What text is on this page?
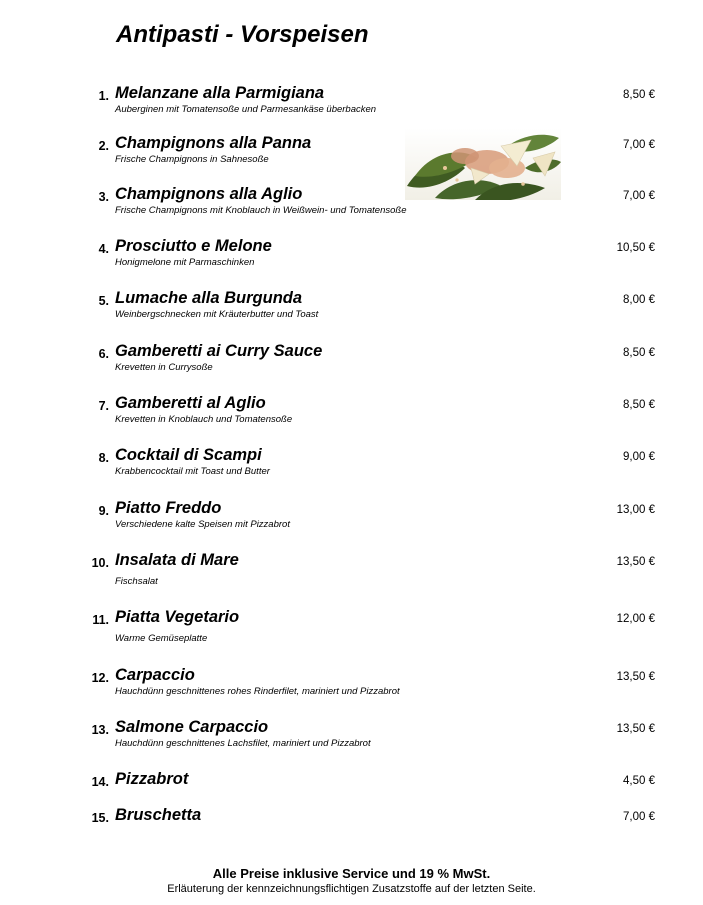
Antipasti - Vorspeisen
1. Melanzane alla Parmigiana
Auberginen mit Tomatensoße und Parmesankäse überbacken
8,50 €
2. Champignons alla Panna
Frische Champignons in Sahnesoße
7,00 €
3. Champignons alla Aglio
Frische Champignons mit Knoblauch in Weißwein- und Tomatensoße
7,00 €
4. Prosciutto e Melone
Honigmelone mit Parmaschinken
10,50 €
5. Lumache alla Burgunda
Weinbergschnecken mit Kräuterbutter und Toast
8,00 €
6. Gamberetti ai Curry Sauce
Krevetten in Currysoße
8,50 €
7. Gamberetti al Aglio
Krevetten in Knoblauch und Tomatensoße
8,50 €
8. Cocktail di Scampi
Krabbencocktail mit Toast und Butter
9,00 €
9. Piatto Freddo
Verschiedene kalte Speisen mit Pizzabrot
13,00 €
10. Insalata di Mare
Fischsalat
13,50 €
11. Piatta Vegetario
Warme Gemüseplatte
12,00 €
12. Carpaccio
Hauchdünn geschnittenes rohes Rinderfilet, mariniert und Pizzabrot
13,50 €
13. Salmone Carpaccio
Hauchdünn geschnittenes Lachsfilet, mariniert und Pizzabrot
13,50 €
14. Pizzabrot	4,50 €
15. Bruschetta	7,00 €
Alle Preise inklusive Service und 19 % MwSt.
Erläuterung der kennzeichnungsflichtigen Zusatzstoffe auf der letzten Seite.
